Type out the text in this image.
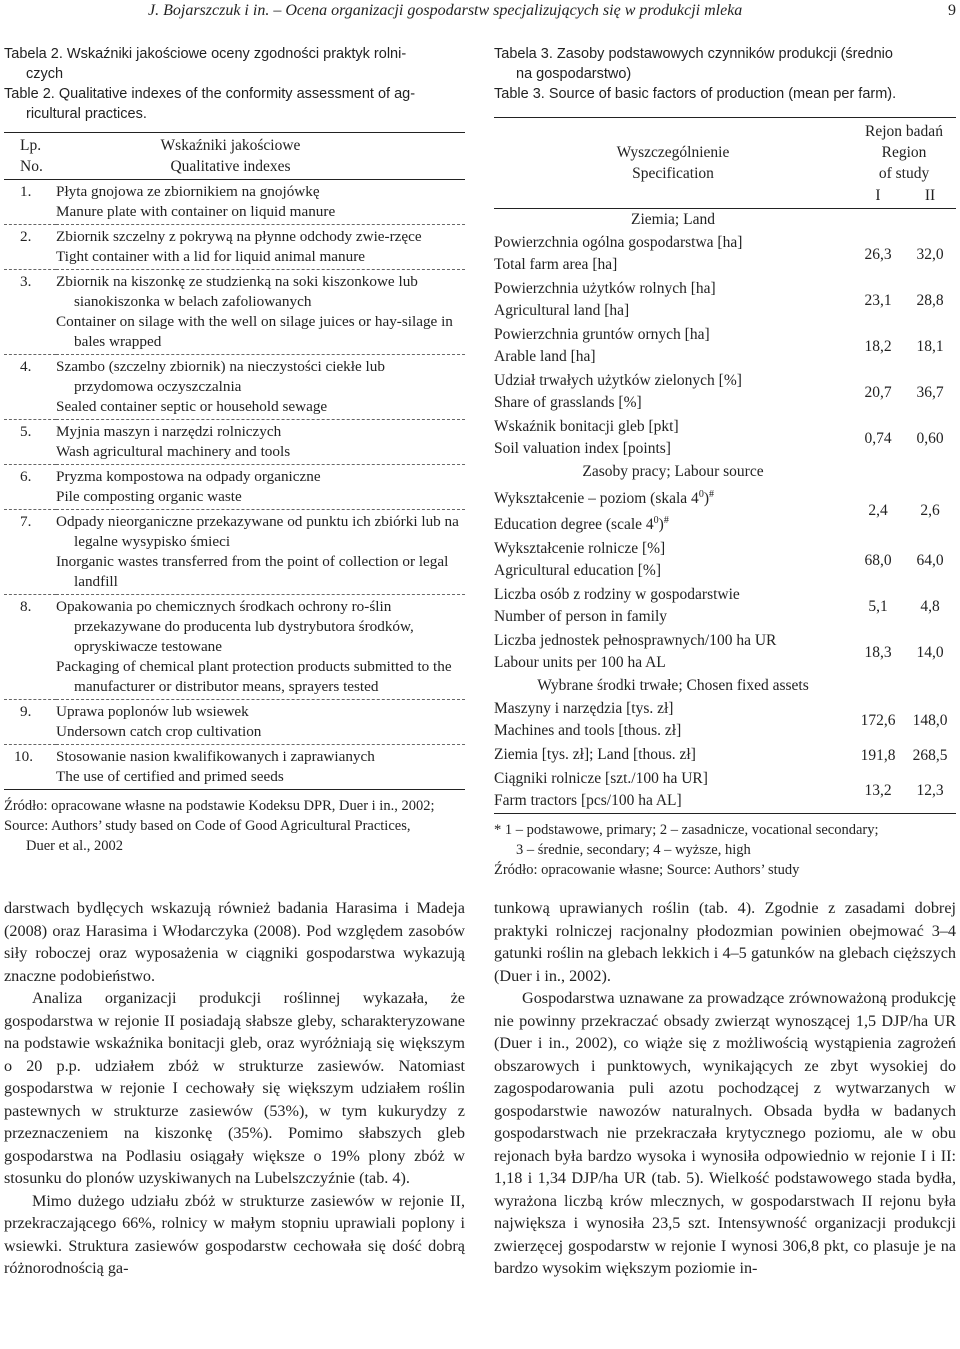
J. Bojarszczuk i in. – Ocena organizacji gospodarstw specjalizujących się w produkcji mleka	9
Tabela 2. Wskaźniki jakościowe oceny zgodności praktyk rolni-
czych
Table 2. Qualitative indexes of the conformity assessment of ag-
ricultural practices.
Lp.
No.	Wskaźniki jakościowe
Qualitative indexes
1.	Płyta gnojowa ze zbiornikiem na gnojówkę
Manure plate with container on liquid manure

2.	Zbiornik szczelny z pokrywą na płynne odchody zwie-rzęce
Tight container with a lid for liquid animal manure

3.	Zbiornik na kiszonkę ze studzienką na soki kiszonkowe lub sianokiszonka w belach zafoliowanych
Container on silage with the well on silage juices or hay-silage in bales wrapped

4.	Szambo (szczelny zbiornik) na nieczystości ciekłe lub przydomowa oczyszczalnia
Sealed container septic or household sewage

5.	Myjnia maszyn i narzędzi rolniczych
Wash agricultural machinery and tools

6.	Pryzma kompostowa na odpady organiczne
Pile composting organic waste

7.	Odpady nieorganiczne przekazywane od punktu ich zbiórki lub na legalne wysypisko śmieci
Inorganic wastes transferred from the point of collection or legal landfill

8.	Opakowania po chemicznych środkach ochrony ro-ślin przekazywane do producenta lub dystrybutora środków, opryskiwacze testowane
Packaging of chemical plant protection products submitted to the manufacturer or distributor means, sprayers tested

9.	Uprawa poplonów lub wsiewek
Undersown catch crop cultivation

10.	Stosowanie nasion kwalifikowanych i zaprawianych
The use of certified and primed seeds
Źródło: opracowane własne na podstawie Kodeksu DPR, Duer i in., 2002;
Source: Authors’ study based on Code of Good Agricultural Practices,
Duer et al., 2002
Tabela 3. Zasoby podstawowych czynników produkcji (średnio
na gospodarstwo)
Table 3. Source of basic factors of production (mean per farm).
Wyszczególnienie
Specification	Rejon badań
Region
of study	
	I	II
Ziemia; Land		

Powierzchnia ogólna gospodarstwa [ha]
Total farm area [ha]	26,3	32,0

Powierzchnia użytków rolnych [ha]
Agricultural land [ha]	23,1	28,8

Powierzchnia gruntów ornych [ha]
Arable land [ha]	18,2	18,1

Udział trwałych użytków zielonych [%]
Share of grasslands [%]	20,7	36,7

Wskaźnik bonitacji gleb [pkt]
Soil valuation index [points]	0,74	0,60
Zasoby pracy; Labour source		

Wykształcenie – poziom (skala $4^0)^{\#}$
Education degree (scale $4^0)^{\#}$	2,4	2,6

Wykształcenie rolnicze [%]
Agricultural education [%]	68,0	64,0

Liczba osób z rodziny w gospodarstwie
Number of person in family	5,1	4,8

Liczba jednostek pełnosprawnych/100 ha UR
Labour units per 100 ha AL	18,3	14,0
Wybrane środki trwałe; Chosen fixed assets		

Maszyny i narzędzia [tys. zł]
Machines and tools [thous. zł]	172,6	148,0

Ziemia [tys. zł]; Land [thous. zł]	191,8	268,5

Ciągniki rolnicze [szt./100 ha UR]
Farm tractors [pcs/100 ha AL]	13,2	12,3
* 1 – podstawowe, primary; 2 – zasadnicze, vocational secondary;
3 – średnie, secondary; 4 – wyższe, high
Źródło: opracowanie własne; Source: Authors’ study

darstwach bydlęcych wskazują również badania Harasima i Madeja (2008) oraz Harasima i Włodarczyka (2008). Pod względem zasobów siły roboczej oraz wyposażenia w ciągniki gospodarstwa wykazują znaczne podobieństwo.

Analiza organizacji produkcji roślinnej wykazała, że gospodarstwa w rejonie II posiadają słabsze gleby, scharakteryzowane na podstawie wskaźnika bonitacji gleb, oraz wyróżniają się większym o 20 p.p. udziałem zbóż w strukturze zasiewów. Natomiast gospodarstwa w rejonie I cechowały się większym udziałem roślin pastewnych w strukturze zasiewów (53%), w tym kukurydzy z przeznaczeniem na kiszonkę (35%). Pomimo słabszych gleb gospodarstwa na Podlasiu osiągały większe o 19% plony zbóż w stosunku do plonów uzyskiwanych na Lubelszczyźnie (tab. 4).

Mimo dużego udziału zbóż w strukturze zasiewów w rejonie II, przekraczającego 66%, rolnicy w małym stopniu uprawiali poplony i wsiewki. Struktura zasiewów gospodarstw cechowała się dość dobrą różnorodnością ga-

tunkową uprawianych roślin (tab. 4). Zgodnie z zasadami dobrej praktyki rolniczej racjonalny płodozmian powinien obejmować 3–4 gatunki roślin na glebach lekkich i 4–5 gatunków na glebach cięższych (Duer i in., 2002).

Gospodarstwa uznawane za prowadzące zrównoważoną produkcję nie powinny przekraczać obsady zwierząt wynoszącej 1,5 DJP/ha UR (Duer i in., 2002), co wiąże się z możliwością wystąpienia zagrożeń obszarowych i punktowych, wynikających ze zbyt wysokiej do zagospodarowania puli azotu pochodzącej z wytwarzanych w gospodarstwie nawozów naturalnych. Obsada bydła w badanych gospodarstwach nie przekraczała krytycznego poziomu, ale w obu rejonach była bardzo wysoka i wynosiła odpowiednio w rejonie I i II: 1,18 i 1,34 DJP/ha UR (tab. 5). Wielkość podstawowego stada bydła, wyrażona liczbą krów mlecznych, w gospodarstwach II rejonu była największa i wynosiła 23,5 szt. Intensywność organizacji produkcji zwierzęcej gospodarstw w rejonie I wynosi 306,8 pkt, co plasuje je na bardzo wysokim większym poziomie in-
